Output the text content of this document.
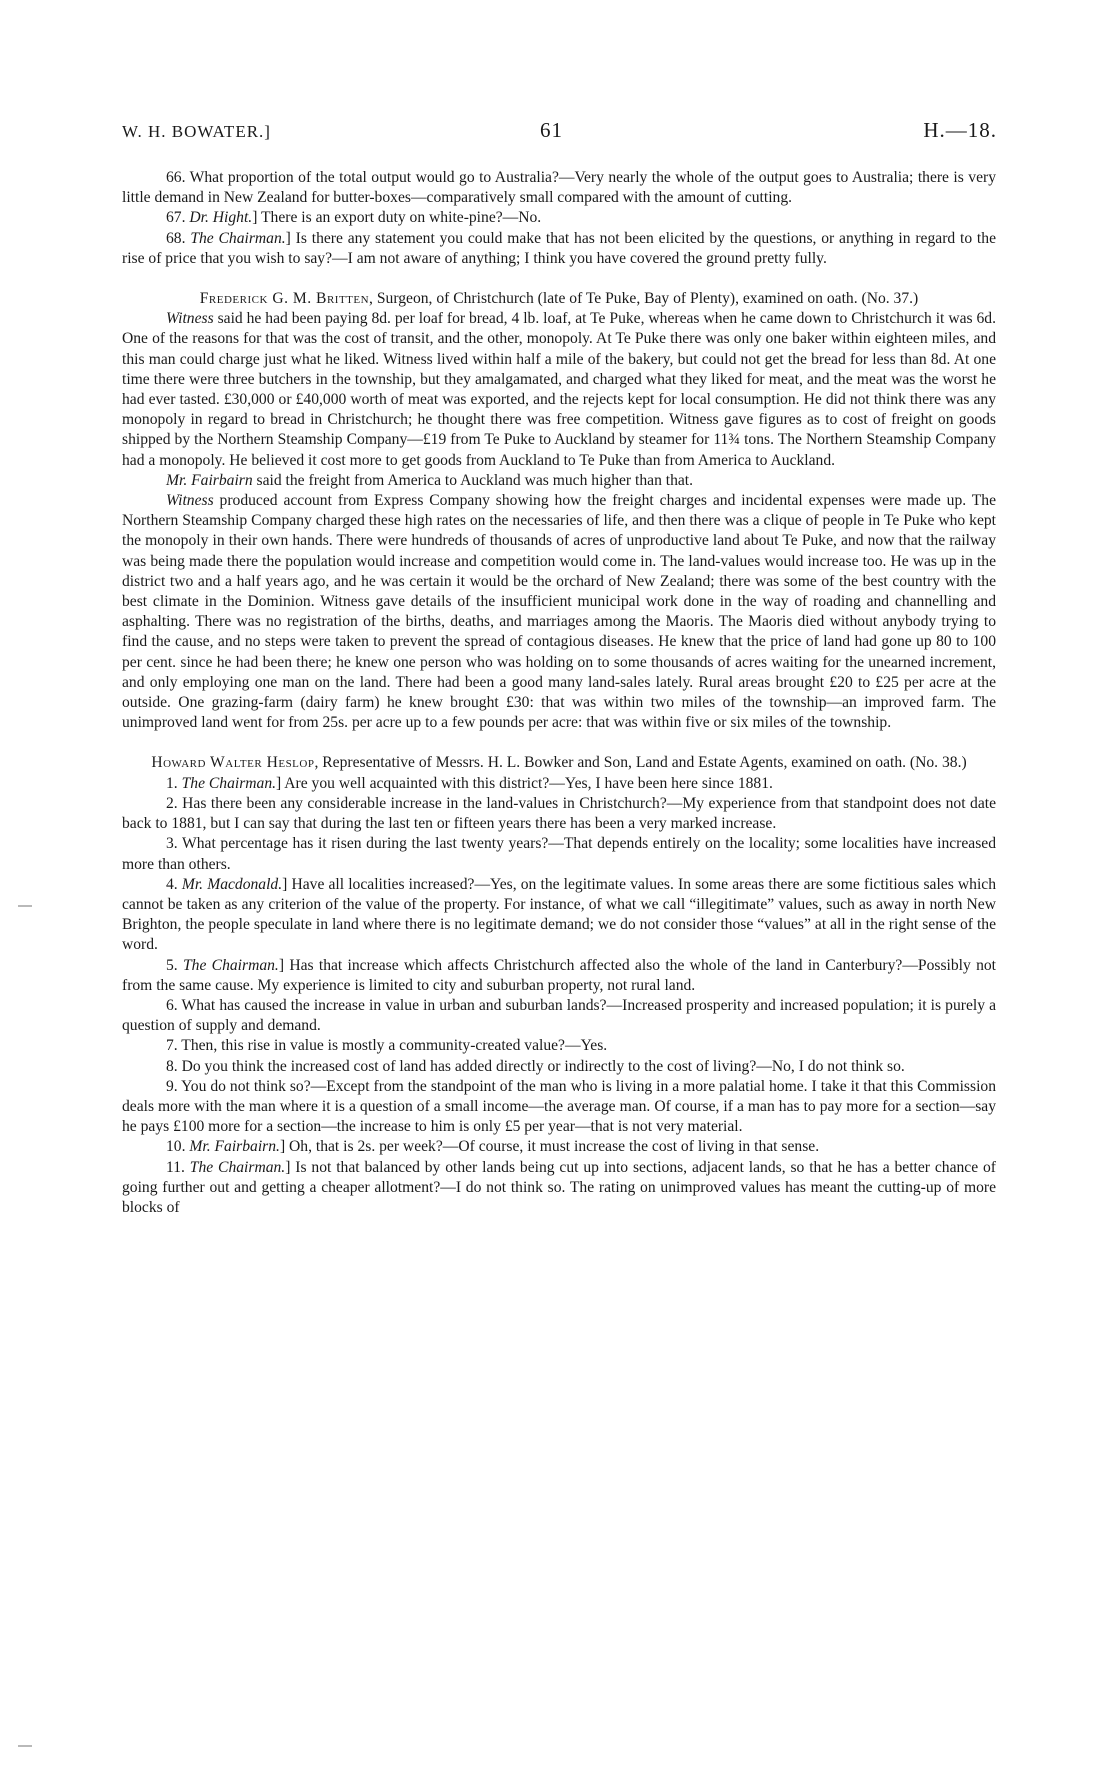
W. H. BOWATER.]	61	H.—18.

66. What proportion of the total output would go to Australia?—Very nearly the whole of the output goes to Australia; there is very little demand in New Zealand for butter-boxes—comparatively small compared with the amount of cutting.

67. Dr. Hight.] There is an export duty on white-pine?—No.

68. The Chairman.] Is there any statement you could make that has not been elicited by the questions, or anything in regard to the rise of price that you wish to say?—I am not aware of anything; I think you have covered the ground pretty fully.

Frederick G. M. Britten, Surgeon, of Christchurch (late of Te Puke, Bay of Plenty), examined on oath. (No. 37.)

Witness said he had been paying 8d. per loaf for bread, 4 lb. loaf, at Te Puke, whereas when he came down to Christchurch it was 6d. One of the reasons for that was the cost of transit, and the other, monopoly. At Te Puke there was only one baker within eighteen miles, and this man could charge just what he liked. Witness lived within half a mile of the bakery, but could not get the bread for less than 8d. At one time there were three butchers in the township, but they amalgamated, and charged what they liked for meat, and the meat was the worst he had ever tasted. £30,000 or £40,000 worth of meat was exported, and the rejects kept for local consumption. He did not think there was any monopoly in regard to bread in Christchurch; he thought there was free competition. Witness gave figures as to cost of freight on goods shipped by the Northern Steamship Company—£19 from Te Puke to Auckland by steamer for 11¾ tons. The Northern Steamship Company had a monopoly. He believed it cost more to get goods from Auckland to Te Puke than from America to Auckland.

Mr. Fairbairn said the freight from America to Auckland was much higher than that.

Witness produced account from Express Company showing how the freight charges and incidental expenses were made up. The Northern Steamship Company charged these high rates on the necessaries of life, and then there was a clique of people in Te Puke who kept the monopoly in their own hands. There were hundreds of thousands of acres of unproductive land about Te Puke, and now that the railway was being made there the population would increase and competition would come in. The land-values would increase too. He was up in the district two and a half years ago, and he was certain it would be the orchard of New Zealand; there was some of the best country with the best climate in the Dominion. Witness gave details of the insufficient municipal work done in the way of roading and channelling and asphalting. There was no registration of the births, deaths, and marriages among the Maoris. The Maoris died without anybody trying to find the cause, and no steps were taken to prevent the spread of contagious diseases. He knew that the price of land had gone up 80 to 100 per cent. since he had been there; he knew one person who was holding on to some thousands of acres waiting for the unearned increment, and only employing one man on the land. There had been a good many land-sales lately. Rural areas brought £20 to £25 per acre at the outside. One grazing-farm (dairy farm) he knew brought £30: that was within two miles of the township—an improved farm. The unimproved land went for from 25s. per acre up to a few pounds per acre: that was within five or six miles of the township.

Howard Walter Heslop, Representative of Messrs. H. L. Bowker and Son, Land and Estate Agents, examined on oath. (No. 38.)

1. The Chairman.] Are you well acquainted with this district?—Yes, I have been here since 1881.

2. Has there been any considerable increase in the land-values in Christchurch?—My experience from that standpoint does not date back to 1881, but I can say that during the last ten or fifteen years there has been a very marked increase.

3. What percentage has it risen during the last twenty years?—That depends entirely on the locality; some localities have increased more than others.

4. Mr. Macdonald.] Have all localities increased?—Yes, on the legitimate values. In some areas there are some fictitious sales which cannot be taken as any criterion of the value of the property. For instance, of what we call “illegitimate” values, such as away in north New Brighton, the people speculate in land where there is no legitimate demand; we do not consider those “values” at all in the right sense of the word.

5. The Chairman.] Has that increase which affects Christchurch affected also the whole of the land in Canterbury?—Possibly not from the same cause. My experience is limited to city and suburban property, not rural land.

6. What has caused the increase in value in urban and suburban lands?—Increased prosperity and increased population; it is purely a question of supply and demand.

7. Then, this rise in value is mostly a community-created value?—Yes.

8. Do you think the increased cost of land has added directly or indirectly to the cost of living?—No, I do not think so.

9. You do not think so?—Except from the standpoint of the man who is living in a more palatial home. I take it that this Commission deals more with the man where it is a question of a small income—the average man. Of course, if a man has to pay more for a section—say he pays £100 more for a section—the increase to him is only £5 per year—that is not very material.

10. Mr. Fairbairn.] Oh, that is 2s. per week?—Of course, it must increase the cost of living in that sense.

11. The Chairman.] Is not that balanced by other lands being cut up into sections, adjacent lands, so that he has a better chance of going further out and getting a cheaper allotment?—I do not think so. The rating on unimproved values has meant the cutting-up of more blocks of
